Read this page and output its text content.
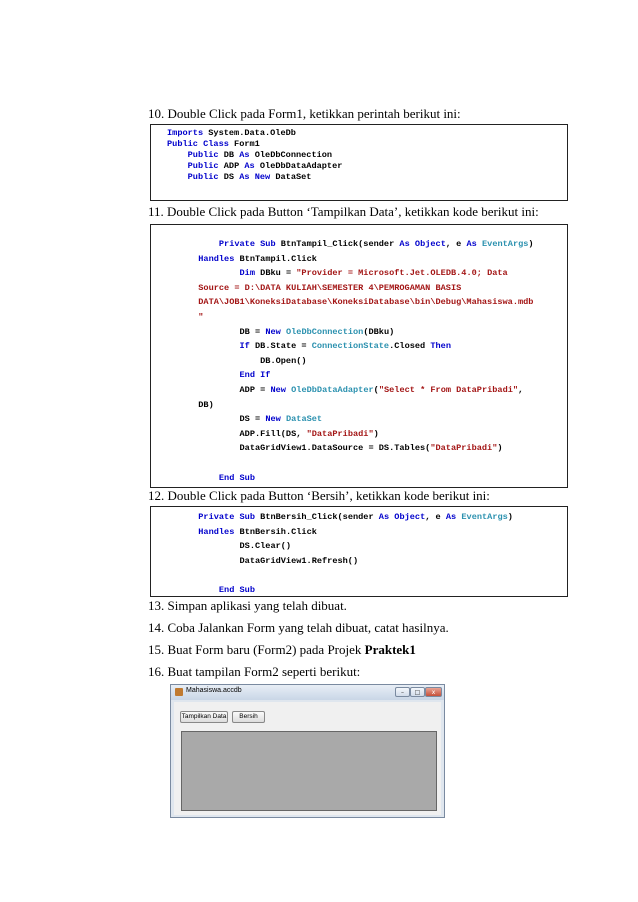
10. Double Click pada Form1, ketikkan perintah berikut ini:
Imports System.Data.OleDb
Public Class Form1
Public DB As OleDbConnection
Public ADP As OleDbDataAdapter
Public DS As New DataSet
11. Double Click pada Button ‘Tampilkan Data’, ketikkan kode berikut ini:
Private Sub BtnTampil_Click(sender As Object, e As EventArgs)
Handles BtnTampil.Click
Dim DBku = "Provider = Microsoft.Jet.OLEDB.4.0; Data
Source = D:\DATA KULIAH\SEMESTER 4\PEMROGAMAN BASIS
DATA\JOB1\KoneksiDatabase\KoneksiDatabase\bin\Debug\Mahasiswa.mdb
"
DB = New OleDbConnection(DBku)
If DB.State = ConnectionState.Closed Then
DB.Open()
End If
ADP = New OleDbDataAdapter("Select * From DataPribadi",
DB)
DS = New DataSet
ADP.Fill(DS, "DataPribadi")
DataGridView1.DataSource = DS.Tables("DataPribadi")

End Sub
12. Double Click pada Button ‘Bersih’, ketikkan kode berikut ini:
Private Sub BtnBersih_Click(sender As Object, e As EventArgs)
Handles BtnBersih.Click
DS.Clear()
DataGridView1.Refresh()

End Sub
13. Simpan aplikasi yang telah dibuat.
14. Coba Jalankan Form yang telah dibuat, catat hasilnya.
15. Buat Form baru (Form2) pada Projek Praktek1
16. Buat tampilan Form2 seperti berikut:
Mahasiswa.accdb	–	□	x
Tampilkan Data	Bersih
